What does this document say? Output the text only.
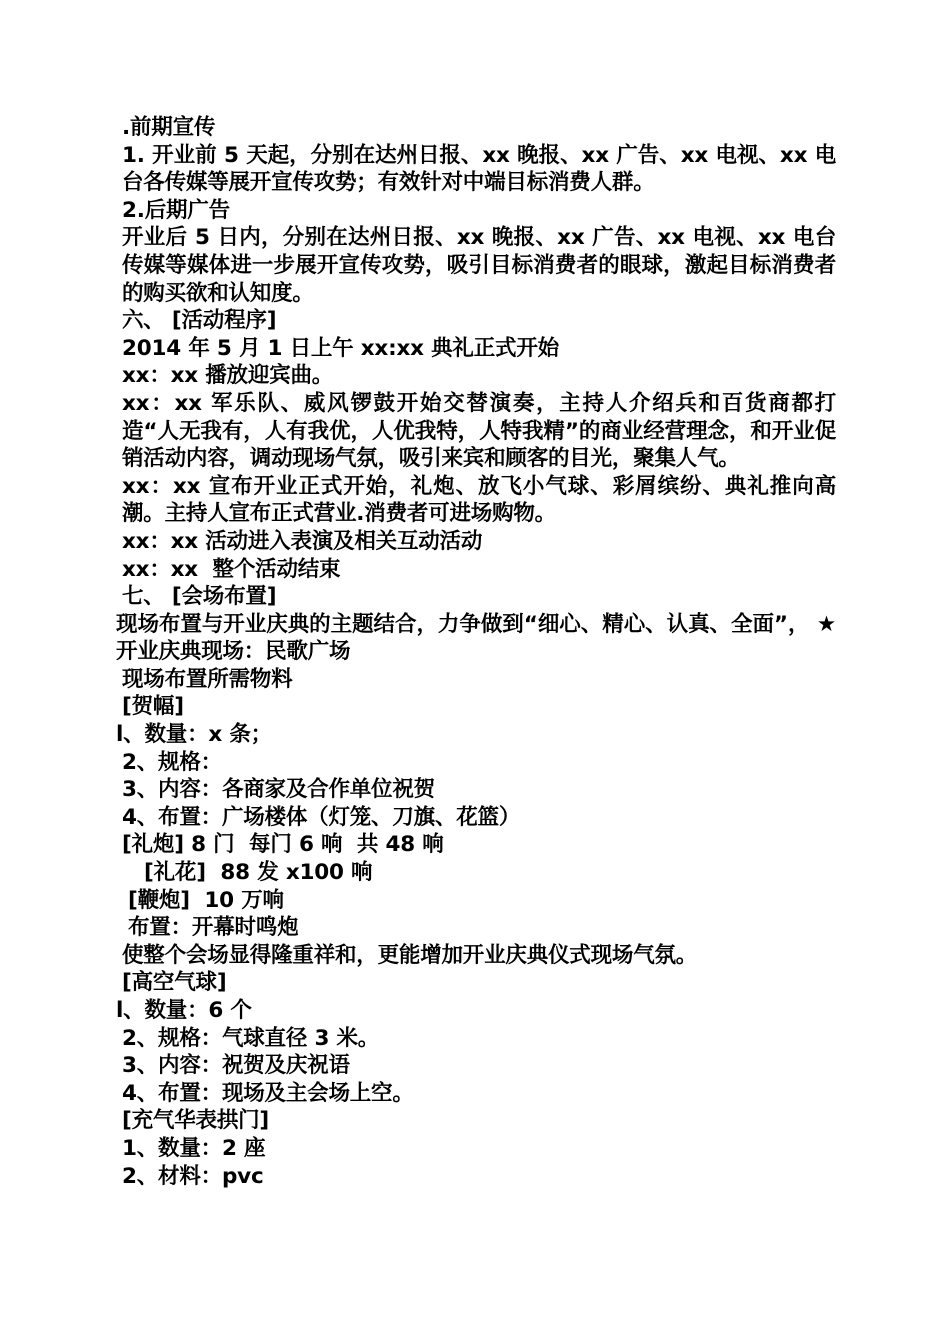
.前期宣传
1. 开业前 5 天起，分别在达州日报、xx 晚报、xx 广告、xx 电视、xx 电台各传媒等展开宣传攻势；有效针对中端目标消费人群。
2.后期广告
开业后 5 日内，分别在达州日报、xx 晚报、xx 广告、xx 电视、xx 电台传媒等媒体进一步展开宣传攻势，吸引目标消费者的眼球，激起目标消费者的购买欲和认知度。
六、 [活动程序]
2014 年 5 月 1 日上午 xx:xx 典礼正式开始
xx：xx 播放迎宾曲。
xx：xx 军乐队、威风锣鼓开始交替演奏，主持人介绍兵和百货商都打造“人无我有，人有我优，人优我特，人特我精”的商业经营理念，和开业促销活动内容，调动现场气氛，吸引来宾和顾客的目光，聚集人气。
xx：xx 宣布开业正式开始，礼炮、放飞小气球、彩屑缤纷、典礼推向高潮。主持人宣布正式营业.消费者可进场购物。
xx：xx 活动进入表演及相关互动活动
xx：xx  整个活动结束
七、 [会场布置]
现场布置与开业庆典的主题结合，力争做到“细心、精心、认真、全面”， ★开业庆典现场：民歌广场
现场布置所需物料
[贺幅]
l、数量：x 条；
2、规格：
3、内容：各商家及合作单位祝贺
4、布置：广场楼体（灯笼、刀旗、花篮）
[礼炮] 8 门  每门 6 响  共 48 响
[礼花]  88 发 x100 响
[鞭炮]  10 万响
布置：开幕时鸣炮
使整个会场显得隆重祥和，更能增加开业庆典仪式现场气氛。
[高空气球]
l、数量：6 个
2、规格：气球直径 3 米。
3、内容：祝贺及庆祝语
4、布置：现场及主会场上空。
[充气华表拱门]
1、数量：2 座
2、材料：pvc
